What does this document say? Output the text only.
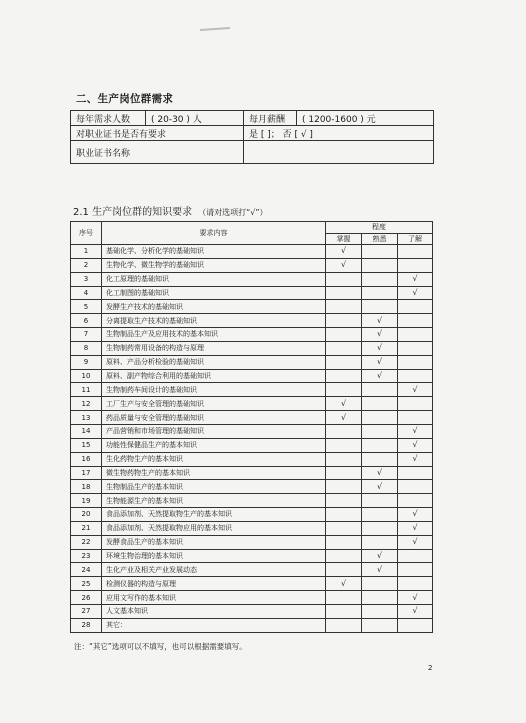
二、生产岗位群需求
每年需求人数	( 20-30 ) 人	每月薪酬	( 1200-1600 ) 元
对职业证书是否有要求		是 [ ]； 否 [ √ ]	
职业证书名称			
2.1 生产岗位群的知识要求 （请对选项打“√”）
序号	要求内容	程度		
		掌握	熟悉	了解
1	基础化学、分析化学的基础知识	√		
2	生物化学、微生物学的基础知识	√		
3	化工原理的基础知识			√
4	化工制图的基础知识			√
5	发酵生产技术的基础知识			
6	分离提取生产技术的基础知识		√	
7	生物制品生产及应用技术的基本知识		√	
8	生物制药常用设备的构造与原理		√	
9	原料、产品分析检验的基础知识		√	
10	原料、副产物综合利用的基础知识		√	
11	生物制药车间设计的基础知识			√
12	工厂生产与安全管理的基础知识	√		
13	药品质量与安全管理的基础知识	√		
14	产品营销和市场管理的基础知识			√
15	功能性保健品生产的基本知识			√
16	生化药物生产的基本知识			√
17	微生物药物生产的基本知识		√	
18	生物制品生产的基本知识		√	
19	生物能源生产的基本知识			
20	食品添加剂、天然提取物生产的基本知识			√
21	食品添加剂、天然提取物应用的基本知识			√
22	发酵食品生产的基本知识			√
23	环境生物治理的基本知识		√	
24	生化产业及相关产业发展动态		√	
25	检测仪器的构造与原理	√		
26	应用文写作的基本知识			√
27	人文基本知识			√
28	其它：			
注：“其它”选项可以不填写，也可以根据需要填写。
2
